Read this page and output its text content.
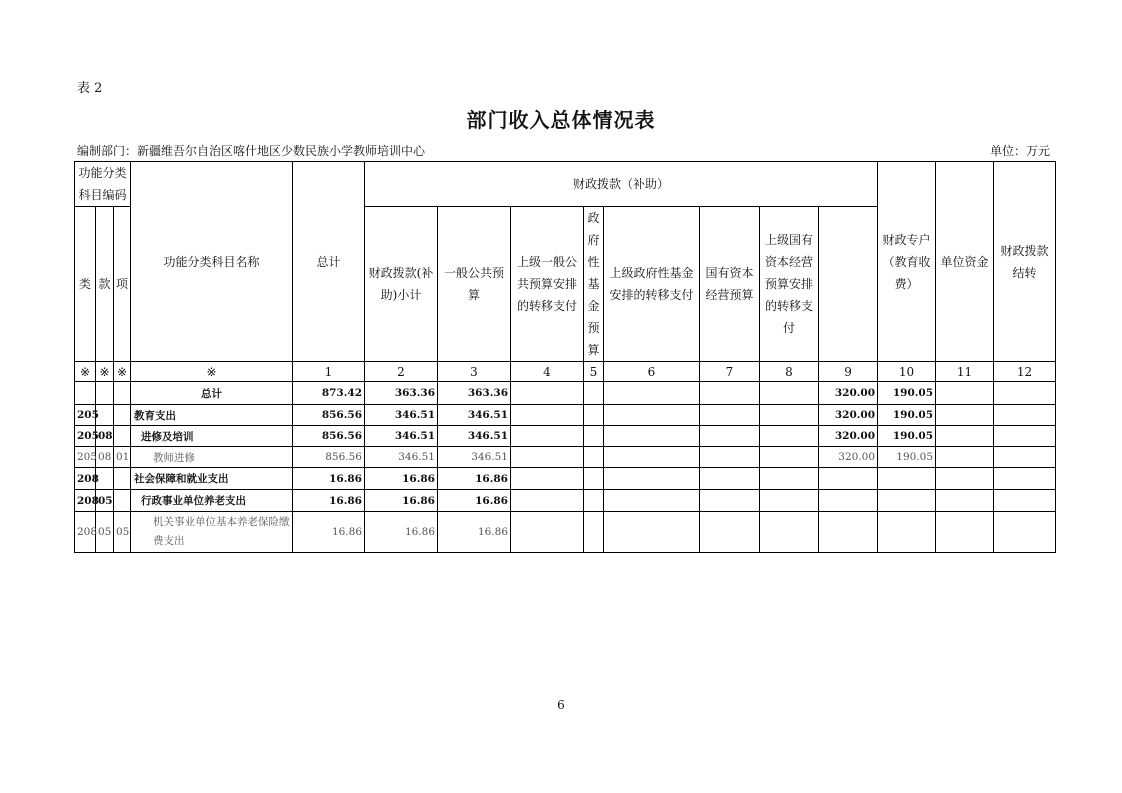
表 2
部门收入总体情况表
编制部门：新疆维吾尔自治区喀什地区少数民族小学教师培训中心	单位：万元
功能分类科目编码			功能分类科目名称	总计	财政拨款（补助）								财政专户（教育收费）	单位资金	财政拨款结转	
类	款	项			财政拨款(补助)小计	一般公共预算	上级一般公共预算安排的转移支付	政府性基金预算	上级政府性基金安排的转移支付	国有资本经营预算	上级国有资本经营预算安排的转移支付					
※	※	※	※	1	2	3	4	5	6	7	8	9	10	11	12	
			总计	873.42	363.36	363.36						320.00	190.05			
205			教育支出	856.56	346.51	346.51						320.00	190.05			
205	08		进修及培训	856.56	346.51	346.51						320.00	190.05			
205	08	01	教师进修	856.56	346.51	346.51						320.00	190.05			
208			社会保障和就业支出	16.86	16.86	16.86										
208	05		行政事业单位养老支出	16.86	16.86	16.86										
208	05	05	机关事业单位基本养老保险缴费支出	16.86	16.86	16.86										
6
